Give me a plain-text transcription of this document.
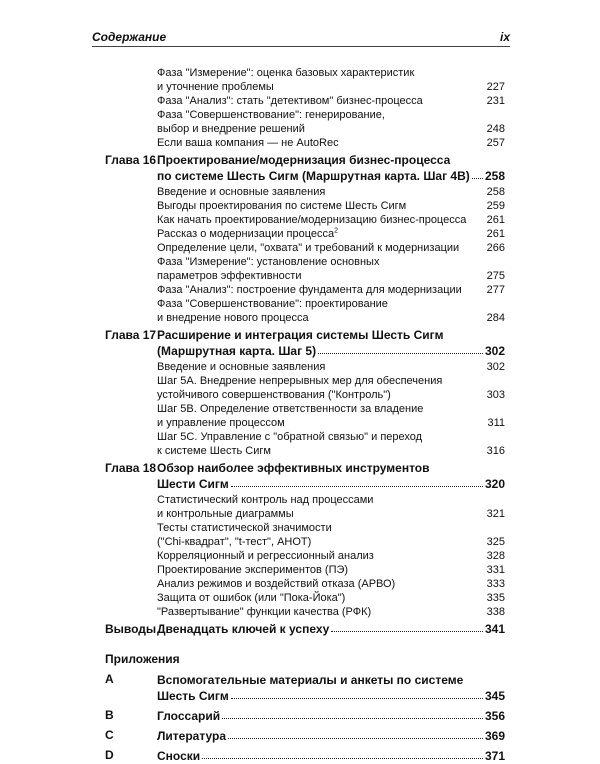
Содержание	ix
Фаза "Измерение": оценка базовых характеристик
и уточнение проблемы	227
Фаза "Анализ": стать "детективом" бизнес-процесса	231
Фаза "Совершенствование": генерирование,
выбор и внедрение решений	248
Если ваша компания — не AutoRec	257
Глава 16 Проектирование/модернизация бизнес-процесса
по системе Шесть Сигм (Маршрутная карта. Шаг 4B) 258
Введение и основные заявления	258
Выгоды проектирования по системе Шесть Сигм	259
Как начать проектирование/модернизацию бизнес-процесса 261
Рассказ о модернизации процесса$^2$	261
Определение цели, "охвата" и требований к модернизации 266
Фаза "Измерение": установление основных
параметров эффективности	275
Фаза "Анализ": построение фундамента для модернизации 277
Фаза "Совершенствование": проектирование
и внедрение нового процесса	284
Глава 17 Расширение и интеграция системы Шесть Сигм
(Маршрутная карта. Шаг 5)	302
Введение и основные заявления	302
Шаг 5A. Внедрение непрерывных мер для обеспечения
устойчивого совершенствования ("Контроль")	303
Шаг 5B. Определение ответственности за владение
и управление процессом	311
Шаг 5C. Управление с "обратной связью" и переход
к системе Шесть Сигм	316
Глава 18 Обзор наиболее эффективных инструментов
Шести Сигм	320
Статистический контроль над процессами
и контрольные диаграммы	321
Тесты статистической значимости
("Chi-квадрат", "t-тест", АНОТ)	325
Корреляционный и регрессионный анализ	328
Проектирование экспериментов (ПЭ)	331
Анализ режимов и воздействий отказа (АРВО)	333
Защита от ошибок (или "Пока-Йока")	335
"Развертывание" функции качества (РФК)	338
Выводы Двенадцать ключей к успеху	341
Приложения
A	Вспомогательные материалы и анкеты по системе
Шесть Сигм	345
B	Глоссарий	356
C	Литература	369
D	Сноски	371
